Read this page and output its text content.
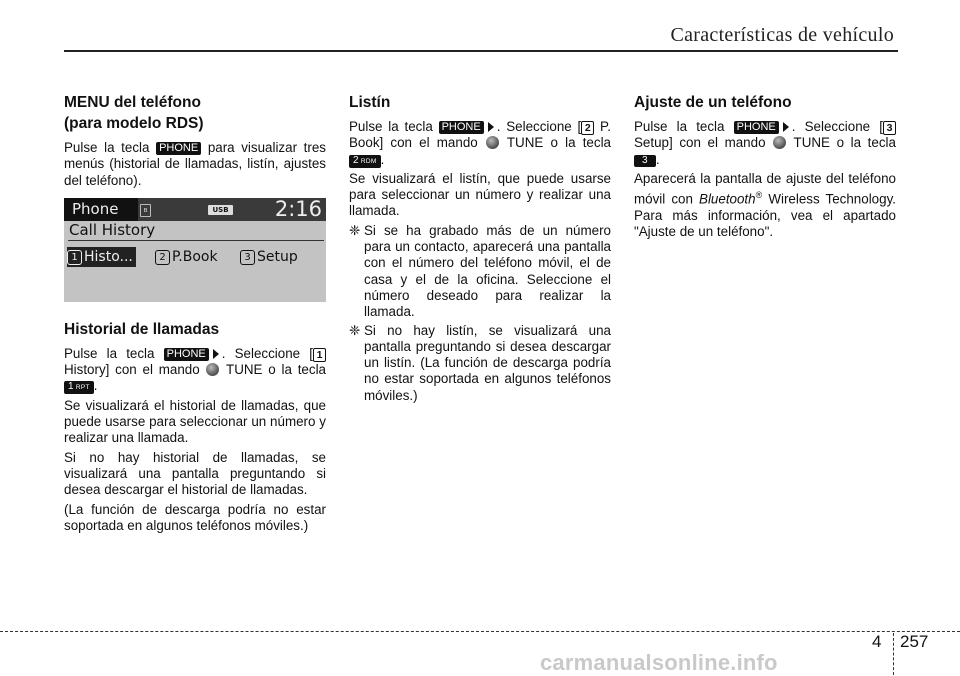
Características de vehículo
MENU del teléfono
(para modelo RDS)

Pulse la tecla PHONE para visualizar tres menús (historial de llamadas, listín, ajustes del teléfono).

Phone	ʙ	USB 2:16
Call History
1 Histo...	2 P.Book	3 Setup
Historial de llamadas

Pulse la tecla PHONE . Seleccione [ 1 History] con el mando TUNE o la tecla 1 RPT .

Se visualizará el historial de llamadas, que puede usarse para seleccionar un número y realizar una llamada.

Si no hay historial de llamadas, se visualizará una pantalla preguntando si desea descargar el historial de llamadas.

(La función de descarga podría no estar soportada en algunos teléfonos móviles.)

Listín

Pulse la tecla PHONE . Seleccione [ 2 P. Book] con el mando TUNE o la tecla 2 RDM .

Se visualizará el listín, que puede usarse para seleccionar un número y realizar una llamada.

❈ Si se ha grabado más de un número para un contacto, aparecerá una pantalla con el número del teléfono móvil, el de casa y el de la oficina. Seleccione el número deseado para realizar la llamada.
❈ Si no hay listín, se visualizará una pantalla preguntando si desea descargar un listín. (La función de descarga podría no estar soportada en algunos teléfonos móviles.)
Ajuste de un teléfono

Pulse la tecla PHONE . Seleccione [ 3 Setup] con el mando TUNE o la tecla 3 .

Aparecerá la pantalla de ajuste del teléfono móvil con Bluetooth® Wireless Technology. Para más información, vea el apartado "Ajuste de un teléfono".

4 257
carmanualsonline.info
